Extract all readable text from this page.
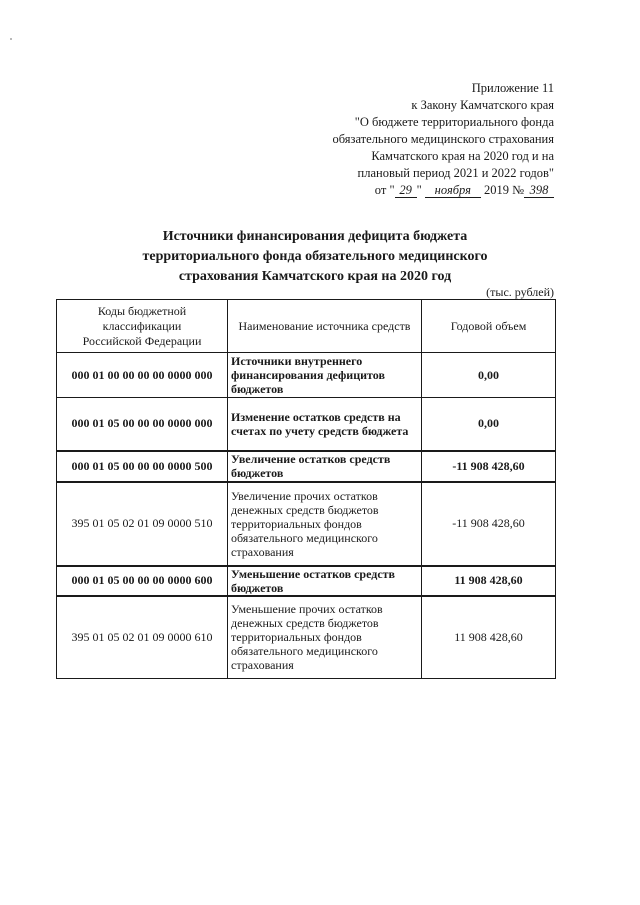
Приложение 11
к Закону Камчатского края
"О бюджете территориального фонда
обязательного медицинского страхования
Камчатского края на 2020 год и на
плановый период 2021 и 2022 годов"
от " 29 " ноября 2019 № 398
Источники финансирования дефицита бюджета
территориального фонда обязательного медицинского
страхования Камчатского края на 2020 год
(тыс. рублей)
Коды бюджетной
классификации
Российской Федерации	Наименование источника средств	Годовой объем
000 01 00 00 00 00 0000 000	Источники внутреннего финансирования дефицитов бюджетов	0,00
000 01 05 00 00 00 0000 000	Изменение остатков средств на счетах по учету средств бюджета	0,00
000 01 05 00 00 00 0000 500	Увеличение остатков средств бюджетов	-11 908 428,60
395 01 05 02 01 09 0000 510	Увеличение прочих остатков денежных средств бюджетов территориальных фондов обязательного медицинского страхования	-11 908 428,60
000 01 05 00 00 00 0000 600	Уменьшение остатков средств бюджетов	11 908 428,60
395 01 05 02 01 09 0000 610	Уменьшение прочих остатков денежных средств бюджетов территориальных фондов обязательного медицинского страхования	11 908 428,60
